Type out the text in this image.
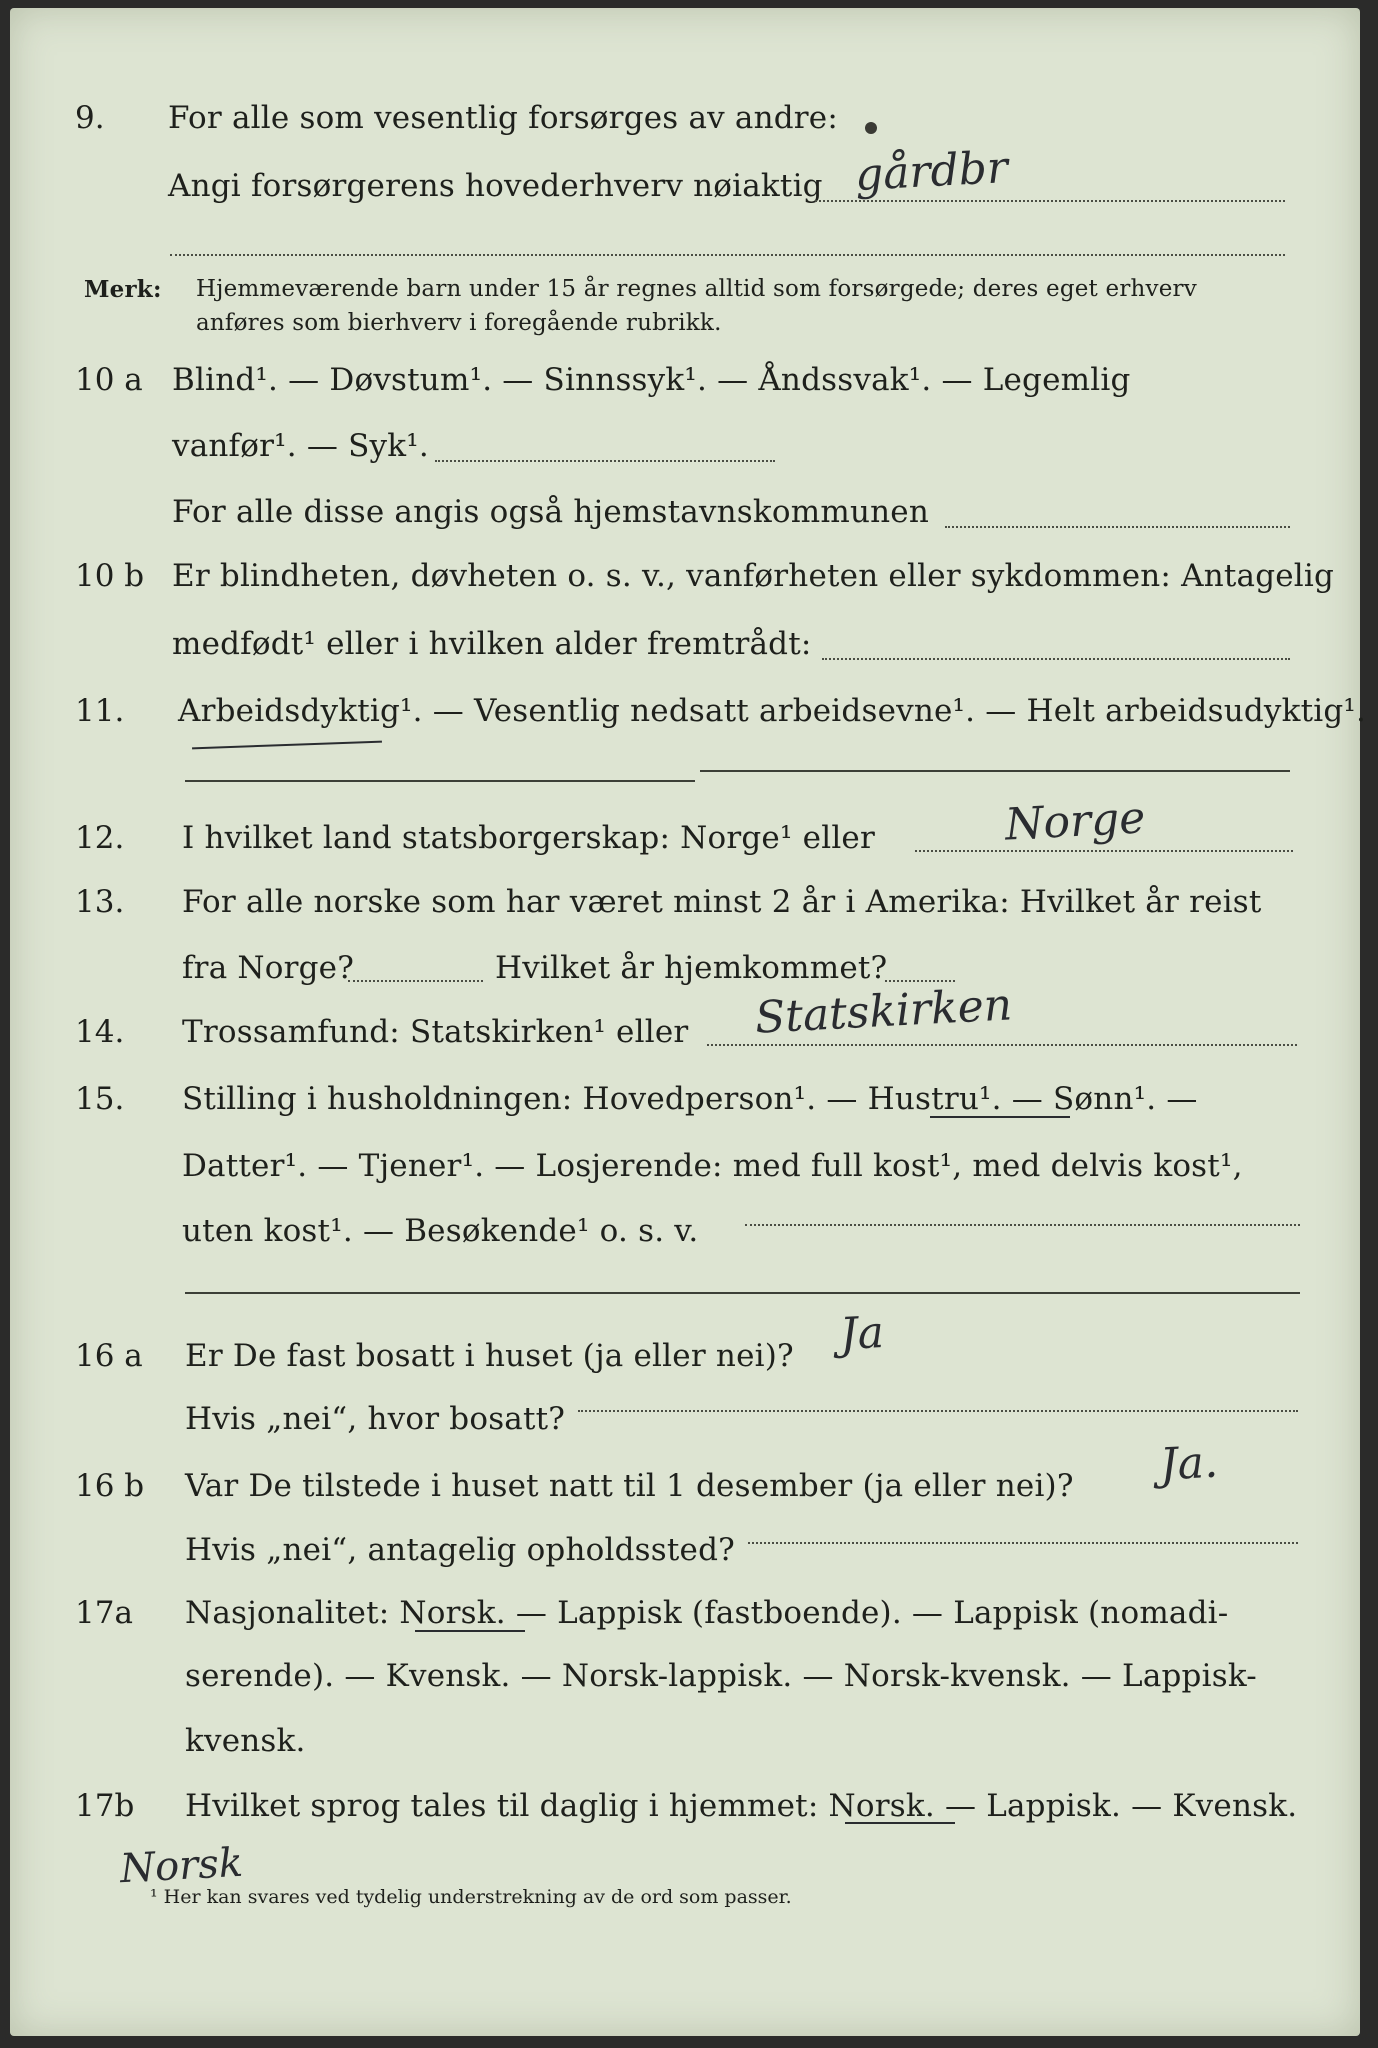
9. For alle som vesentlig forsørges av andre:
Angi forsørgerens hovederhverv nøiaktig gårdbr
Merk: Hjemmeværende barn under 15 år regnes alltid som forsørgede; deres eget erhverv
anføres som bierhverv i foregående rubrikk.
10 a Blind¹. — Døvstum¹. — Sinnssyk¹. — Åndssvak¹. — Legemlig
vanfør¹. — Syk¹.
For alle disse angis også hjemstavnskommunen
10 b Er blindheten, døvheten o. s. v., vanførheten eller sykdommen: Antagelig
medfødt¹ eller i hvilken alder fremtrådt:
11. Arbeidsdyktig¹. — Vesentlig nedsatt arbeidsevne¹. — Helt arbeidsudyktig¹.
12. I hvilket land statsborgerskap: Norge¹ eller	Norge
13. For alle norske som har været minst 2 år i Amerika: Hvilket år reist
fra Norge?	Hvilket år hjemkommet?
14. Trossamfund: Statskirken¹ eller Statskirken
15. Stilling i husholdningen: Hovedperson¹. — Hustru¹. — Sønn¹. —
Datter¹. — Tjener¹. — Losjerende: med full kost¹, med delvis kost¹,
uten kost¹. — Besøkende¹ o. s. v.
16 a Er De fast bosatt i huset (ja eller nei)? Ja
Hvis „nei“, hvor bosatt?
16 b Var De tilstede i huset natt til 1 desember (ja eller nei)? Ja.
Hvis „nei“, antagelig opholdssted?
17a Nasjonalitet: Norsk. — Lappisk (fastboende). — Lappisk (nomadi-
serende). — Kvensk. — Norsk-lappisk. — Norsk-kvensk. — Lappisk-
kvensk.
17b Hvilket sprog tales til daglig i hjemmet: Norsk. — Lappisk. — Kvensk.
Norsk
¹ Her kan svares ved tydelig understrekning av de ord som passer.
